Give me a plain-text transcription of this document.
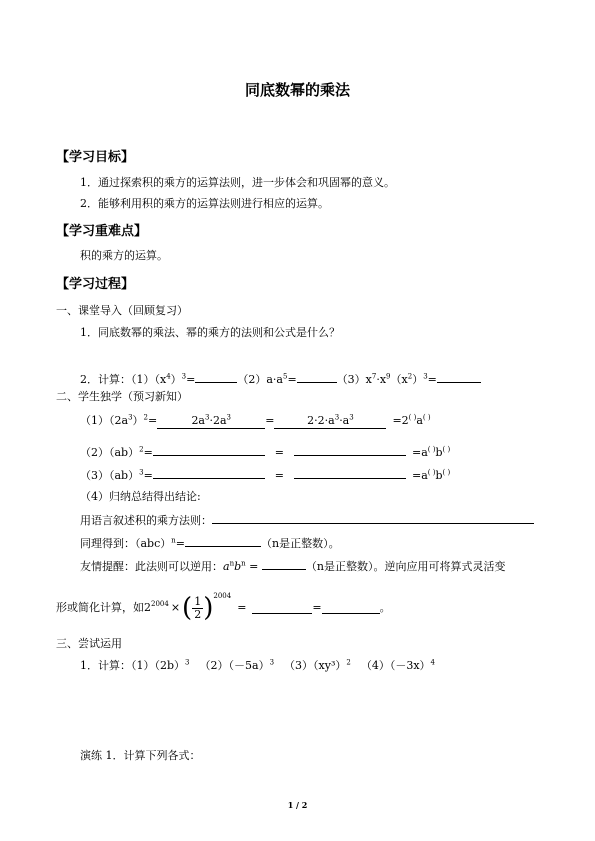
同底数幂的乘法
【学习目标】
1．通过探索积的乘方的运算法则，进一步体会和巩固幂的意义。
2．能够利用积的乘方的运算法则进行相应的运算。
【学习重难点】
积的乘方的运算。
【学习过程】
一、课堂导入（回顾复习）
1．同底数幂的乘法、幂的乘方的法则和公式是什么？
2．计算：$(1)(x^4)^3=$	$(2)a\cdot a^5=$	$(3)x^7\cdot x^9(x^2)^3=$
二、学生独学（预习新知）
$(1)(2a^3)^2=$	$2a^3\cdot 2a^3$	=	$2\cdot 2\cdot a^3\cdot a^3$	=2( )a( )
（2）（ab）$^2$=	=	=a( )b( )
（3）（ab）$^3$=	=	=a( )b( )
（4）归纳总结得出结论:
用语言叙述积的乘方法则：
同理得到：（abc）$^n$=	（n是正整数）。
友情提醒：此法则可以逆用：$a^nb^n$ =	（n是正整数）。逆向应用可将算式灵活变
形或简化计算，如$2^{2004}$ × ( $\frac{1}{2} )^{2004}$
=	=	。
三、尝试运用
1．计算：$(1)(2b)^3$ $(2)(-5a)^3$ $(3)(xy^3)^2$ $(4)(-3x)^4$
演练 1．计算下列各式：
1 / 2
